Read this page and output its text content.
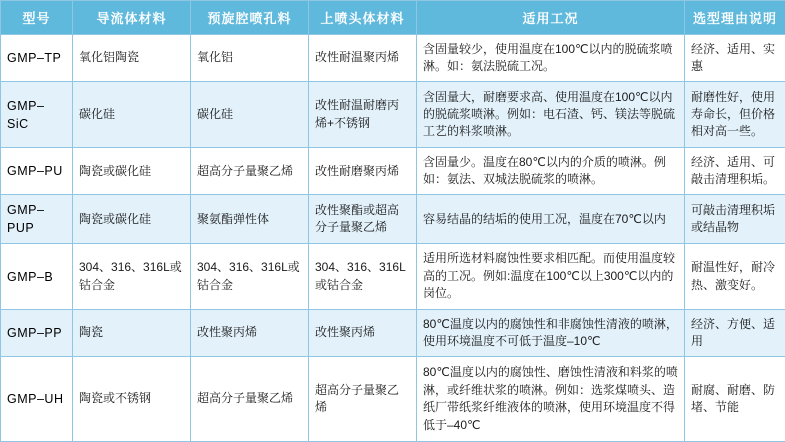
型号	导流体材料	预旋腔喷孔料	上喷头体材料	适用工况	选型理由说明
GMP–TP	氧化铝陶瓷	氧化铝	改性耐温聚丙烯	含固量较少，使用温度在100℃以内的脱硫浆喷淋。如：氨法脱硫工况。	经济、适用、实惠
GMP–SiC	碳化硅	碳化硅	改性耐温耐磨丙烯+不锈钢	含固量大，耐磨要求高、使用温度在100℃以内的脱硫浆喷淋。例如：电石渣、钙、镁法等脱硫工艺的料浆喷淋。	耐磨性好，使用寿命长，但价格相对高一些。
GMP–PU	陶瓷或碳化硅	超高分子量聚乙烯	改性耐磨聚丙烯	含固量少。温度在80℃以内的介质的喷淋。例如：氨法、双城法脱硫浆的喷淋。	经济、适用、可敲击清理积垢。
GMP–PUP	陶瓷或碳化硅	聚氨酯弹性体	改性聚酯或超高分子量聚乙烯	容易结晶的结垢的使用工况，温度在70℃以内	可敲击清理积垢或结晶物
GMP–B	304、316、316L或钴合金	304、316、316L或钴合金	304、316、316L或钴合金	适用所选材料腐蚀性要求相匹配。而使用温度较高的工况。例如:温度在100℃以上300℃以内的岗位。	耐温性好，耐冷热、激变好。
GMP–PP	陶瓷	改性聚丙烯	改性聚丙烯	80℃温度以内的腐蚀性和非腐蚀性清液的喷淋，使用环境温度不可低于温度–10℃	经济、方便、适用
GMP–UH	陶瓷或不锈钢	超高分子量聚乙烯	超高分子量聚乙烯	80℃温度以内的腐蚀性、磨蚀性清液和料浆的喷淋，或纤维状浆的喷淋。例如：选浆煤喷头、造纸厂带纸浆纤维液体的喷淋，使用环境温度不得低于–40℃	耐腐、耐磨、防堵、节能
